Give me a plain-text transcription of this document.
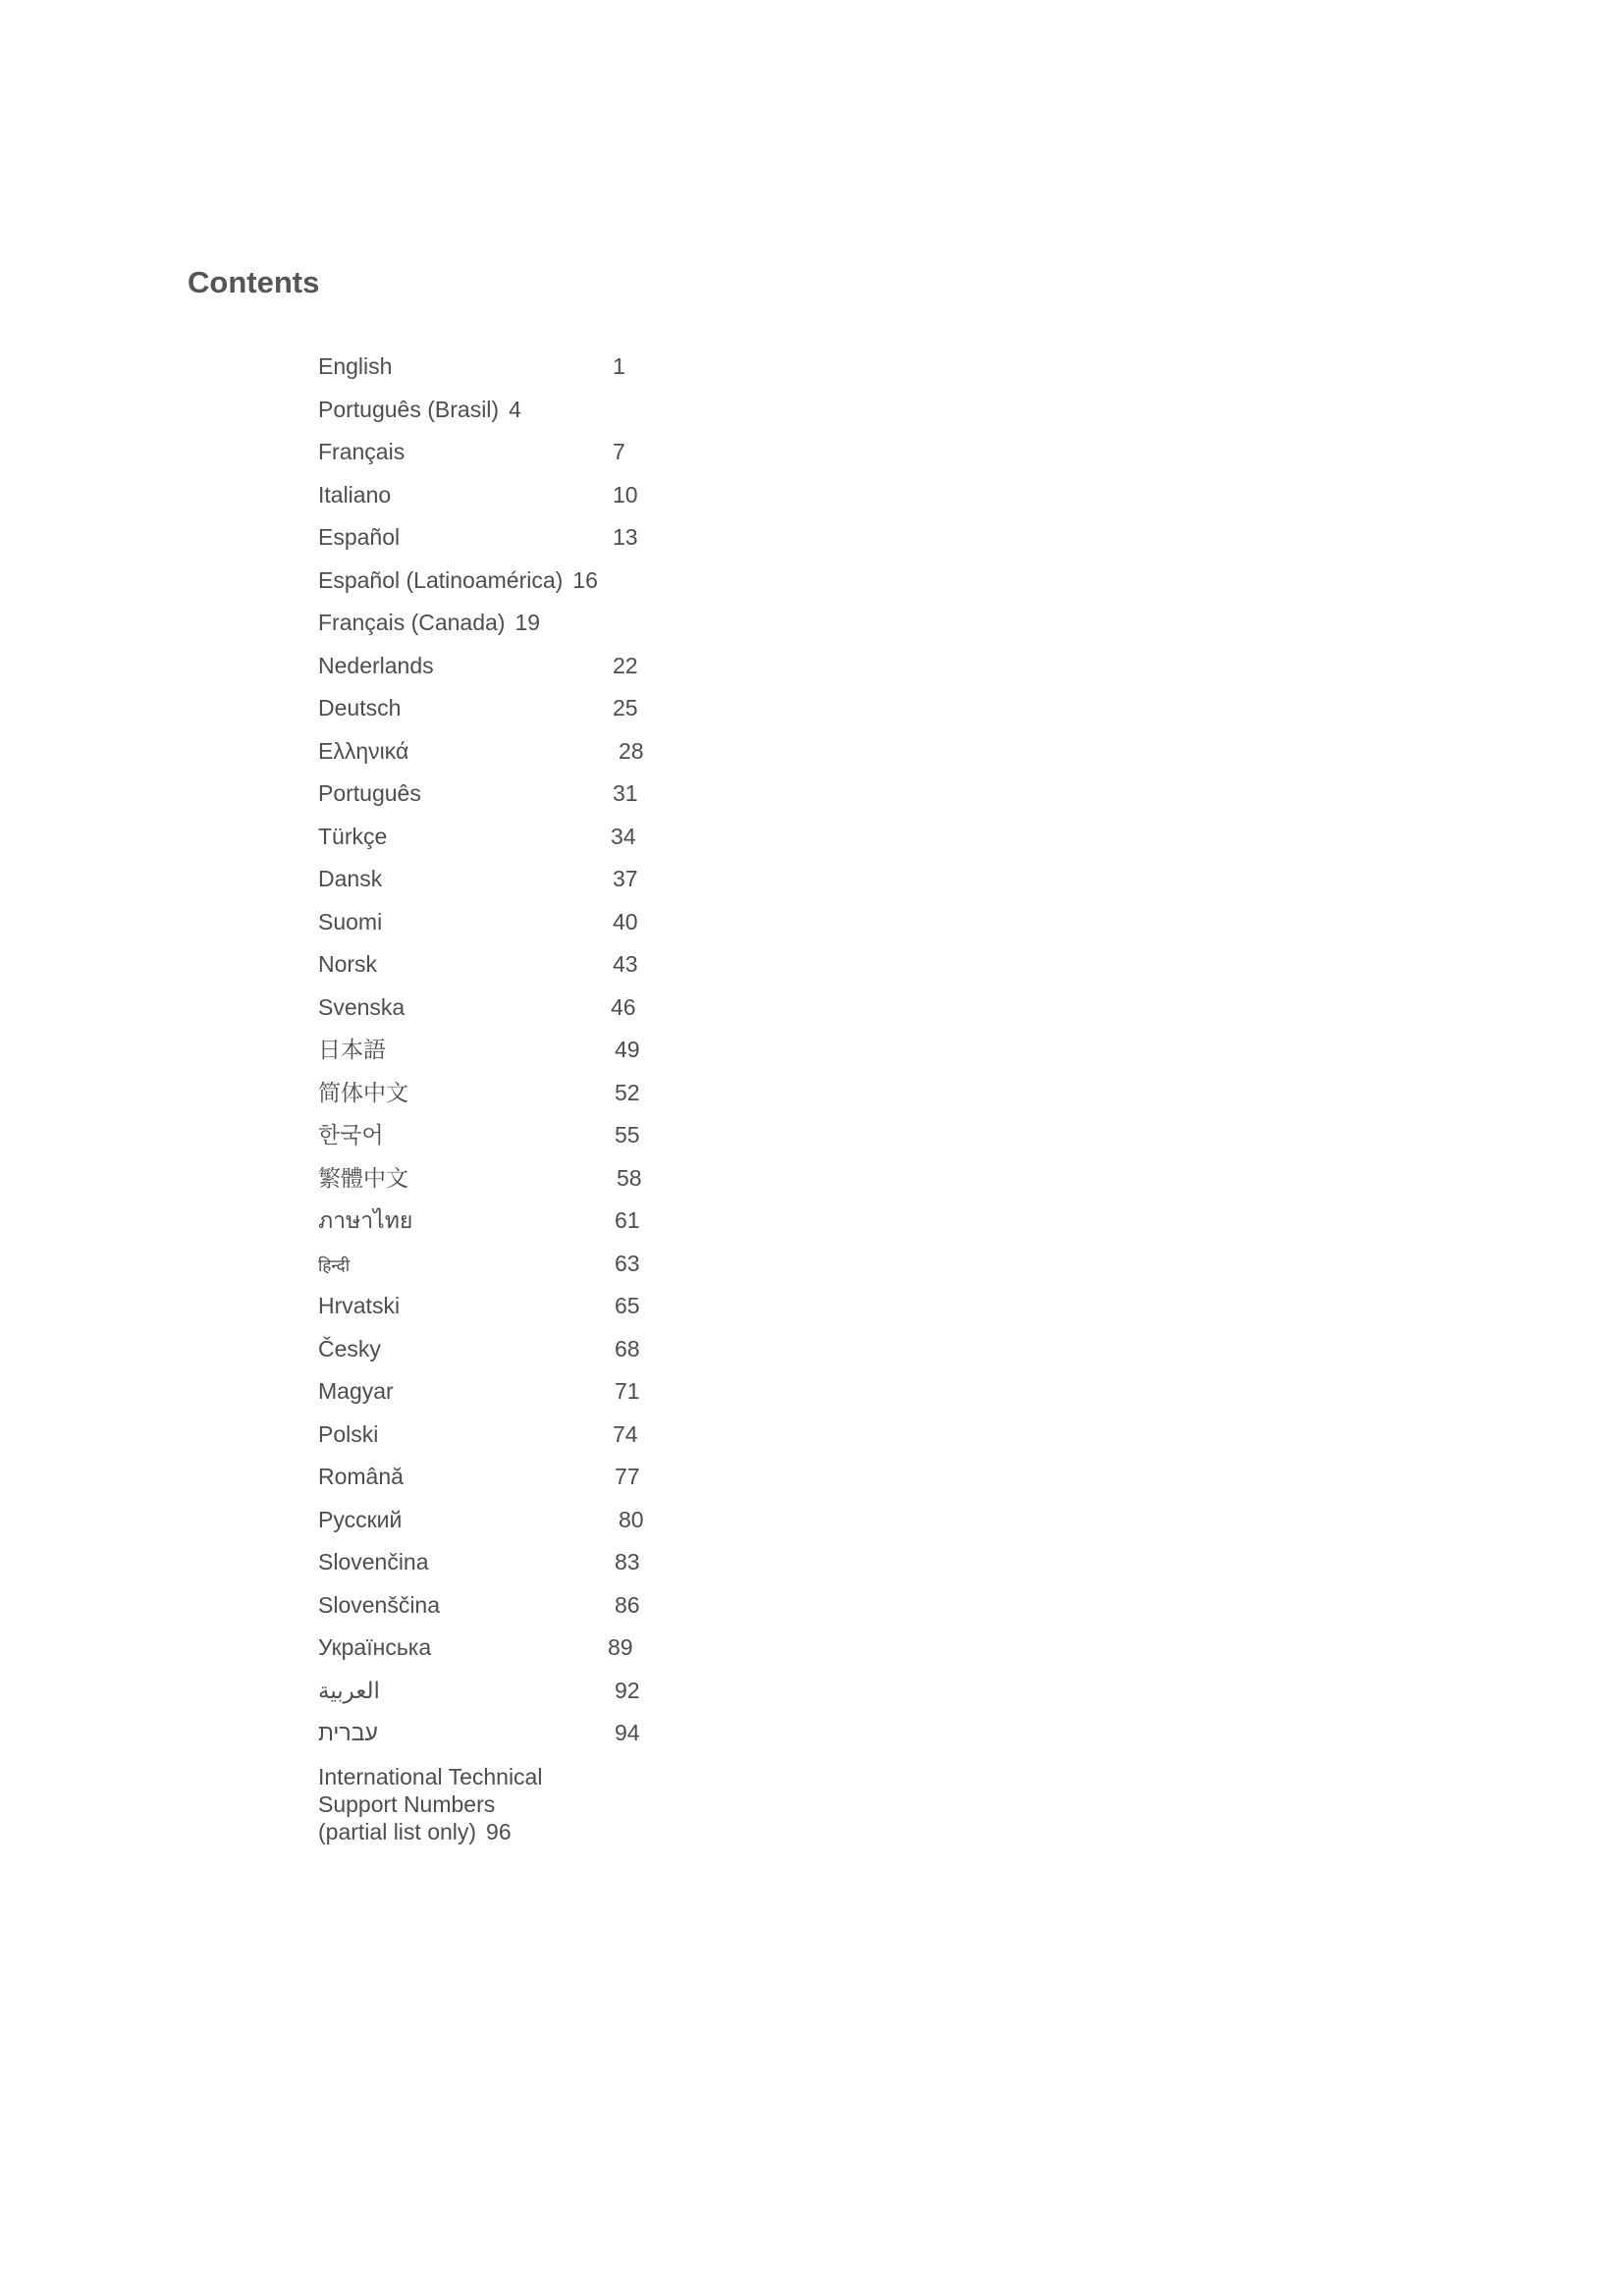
Contents
English	1
Português (Brasil) 4
Français	7
Italiano	10
Español	13
Español (Latinoamérica) 16
Français (Canada) 19
Nederlands	22
Deutsch	25
Ελληνικά	28
Português	31
Türkçe	34
Dansk	37
Suomi	40
Norsk	43
Svenska	46
日本語	49
简体中文	52
한국어	55
繁體中文	58
ภาษาไทย	61
हिन्दी	63
Hrvatski	65
Česky	68
Magyar	71
Polski	74
Română	77
Русский	80
Slovenčina	83
Slovenščina	86
Українська	89
العربية	92
עברית	94
International Technical
Support Numbers
(partial list only) 96
